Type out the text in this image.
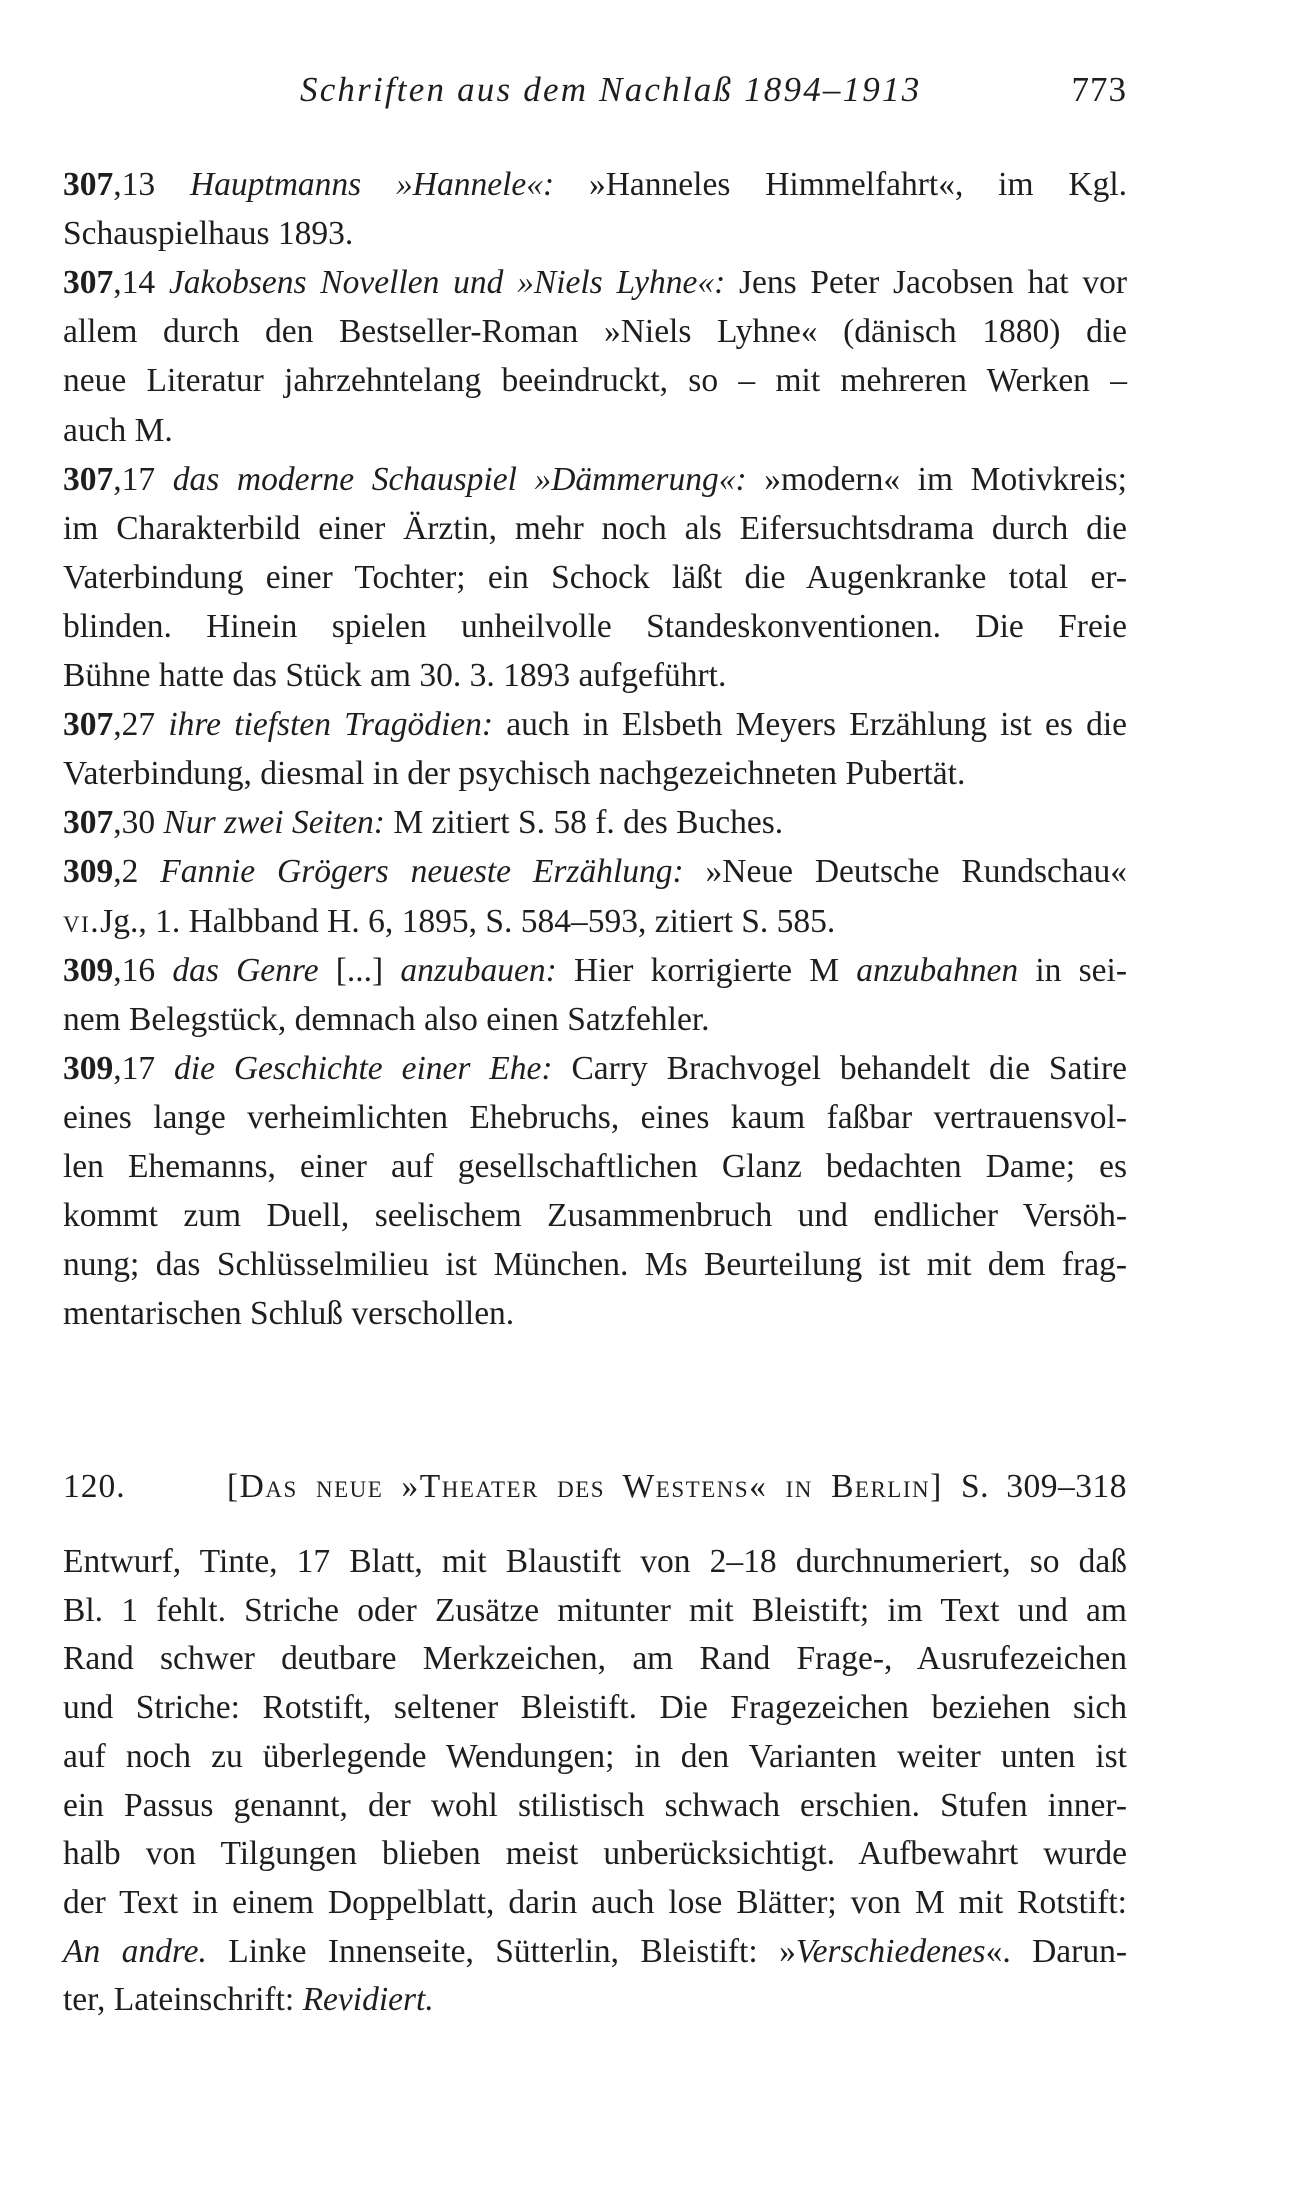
Schriften aus dem Nachlaß 1894–1913	773
307,13 Hauptmanns »Hannele«: »Hanneles Himmelfahrt«, im Kgl.
Schauspielhaus 1893.
307,14 Jakobsens Novellen und »Niels Lyhne«: Jens Peter Jacobsen hat vor
allem durch den Bestseller-Roman »Niels Lyhne« (dänisch 1880) die
neue Literatur jahrzehntelang beeindruckt, so – mit mehreren Werken –
auch M.
307,17 das moderne Schauspiel »Dämmerung«: »modern« im Motivkreis;
im Charakterbild einer Ärztin, mehr noch als Eifersuchtsdrama durch die
Vaterbindung einer Tochter; ein Schock läßt die Augenkranke total er-
blinden. Hinein spielen unheilvolle Standeskonventionen. Die Freie
Bühne hatte das Stück am 30. 3. 1893 aufgeführt.
307,27 ihre tiefsten Tragödien: auch in Elsbeth Meyers Erzählung ist es die
Vaterbindung, diesmal in der psychisch nachgezeichneten Pubertät.
307,30 Nur zwei Seiten: M zitiert S. 58 f. des Buches.
309,2 Fannie Grögers neueste Erzählung: »Neue Deutsche Rundschau«
vi.Jg., 1. Halbband H. 6, 1895, S. 584–593, zitiert S. 585.
309,16 das Genre [...] anzubauen: Hier korrigierte M anzubahnen in sei-
nem Belegstück, demnach also einen Satzfehler.
309,17 die Geschichte einer Ehe: Carry Brachvogel behandelt die Satire
eines lange verheimlichten Ehebruchs, eines kaum faßbar vertrauensvol-
len Ehemanns, einer auf gesellschaftlichen Glanz bedachten Dame; es
kommt zum Duell, seelischem Zusammenbruch und endlicher Versöh-
nung; das Schlüsselmilieu ist München. Ms Beurteilung ist mit dem frag-
mentarischen Schluß verschollen.
120.	[Das neue »Theater des Westens« in Berlin] S. 309–318
Entwurf, Tinte, 17 Blatt, mit Blaustift von 2–18 durchnumeriert, so daß
Bl. 1 fehlt. Striche oder Zusätze mitunter mit Bleistift; im Text und am
Rand schwer deutbare Merkzeichen, am Rand Frage-, Ausrufezeichen
und Striche: Rotstift, seltener Bleistift. Die Fragezeichen beziehen sich
auf noch zu überlegende Wendungen; in den Varianten weiter unten ist
ein Passus genannt, der wohl stilistisch schwach erschien. Stufen inner-
halb von Tilgungen blieben meist unberücksichtigt. Aufbewahrt wurde
der Text in einem Doppelblatt, darin auch lose Blätter; von M mit Rotstift:
An andre. Linke Innenseite, Sütterlin, Bleistift: »Verschiedenes«. Darun-
ter, Lateinschrift: Revidiert.
